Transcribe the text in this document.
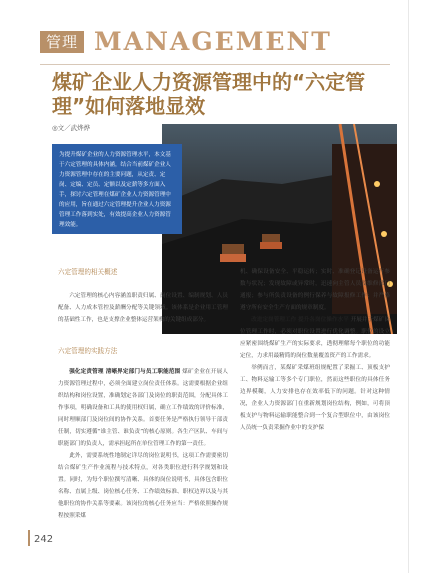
管理 MANAGEMENT
煤矿企业人力资源管理中的“六定管理”如何落地显效
◎文／武烨烨
为提升煤矿企业的人力资源管理水平，本文基于六定管理的具体内涵，结合当前煤矿企业人力资源管理中存在的主要问题，从定责、定岗、定编、定员、定额以及定薪等多方面入手，探讨六定管理在煤矿企业人力资源管理中的应用，旨在通过六定管理提升企业人力资源管理工作落到实处，有效提高企业人力资源管理效能。
六定管理的相关概述

六定管理的核心内容涵盖职责归属、岗位设置、编制规划、人员配备、人力成本管控及薪酬分配等关键领域。该体系是企业用工管理的基础性工作，也是支撑企业整体运营架构的关键组成部分。

六定管理的实践方法

强化定责管理 清晰界定部门与员工职能范围 煤矿企业在开展人力资源管理过程中，必须全面建立岗位责任体系。这需要根据企业组织结构和岗位设置，准确划定各部门及岗位的职责范围，分配具体工作事项，明确设备和工具的使用权归属，确立工作绩效的评价标准，同时理顺部门及岗位间的协作关系。首要任务是严格执行领导干部责任制，切实遵循“谁主管、谁负责”的核心原则。各生产区队、车间与职能部门的负责人，需承担起所在单位管理工作的第一责任。

此外，需要系统性地制定详尽的岗位说明书，这项工作需要密切结合煤矿生产作业流程与技术特点，对各类职位进行科学规划和设置。同时，为每个职位撰写清晰、具体的岗位说明书，具体包含职位名称、直属上级、岗位核心任务、工作绩效标准、职权边界以及与其他职位的协作关系等要素。该岗位的核心任务应当：严格依照操作规程按照采煤

机、确保设备安全、平稳运转；实时、准确登记设备运行参数与状况；发现故障或异常时，迅速向主管人员及维修部门通报；参与所负责设备的例行保养与故障报修工作；并严格遵守所有安全生产方面的规章制度。

改进定岗管理工作 提升各岗位操作水平 开展并于煤矿岗位管理工作时，必须对职位设置进行优化调整。职位的设立应紧密围绕煤矿生产的实际要求，透彻理解每个职位的功能定位，力求用最精简的岗位数量覆盖资产的工作需求。

举例而言，某煤矿采煤班组规配置了采掘工、顶板支护工、物料运输工等多个专门职位，然而这些职位的具体任务边界模糊，人力安排也存在效率低下的问题。针对这种情况，企业人力资源部门在重新规划岗位结构，例如，可将顶板支护与物料运输职能整合到一个复合型职位中，由该岗位人员统一负责采掘作业中的支护保

242
